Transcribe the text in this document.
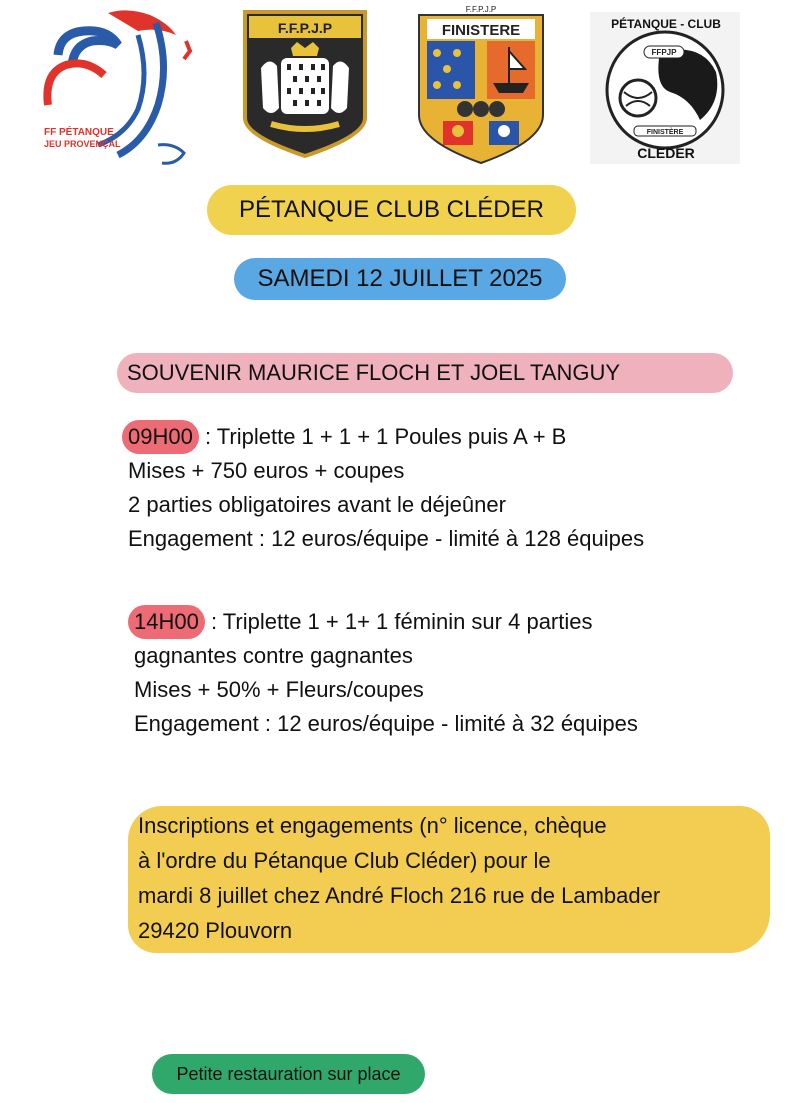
FF PÉTANQUE
JEU PROVENÇAL
F.F.P.J.P
F.F.P.J.P
FINISTERE
FFPJP
FINISTÈRE
PÉTANQUE - CLUB
CLEDER
PÉTANQUE CLUB CLÉDER
SAMEDI 12 JUILLET 2025
SOUVENIR MAURICE FLOCH ET JOEL TANGUY
09H00 : Triplette 1 + 1 + 1 Poules puis A + B
Mises + 750 euros + coupes
2 parties obligatoires avant le déjeûner
Engagement : 12 euros/équipe - limité à 128 équipes
14H00 : Triplette 1 + 1+ 1 féminin sur 4 parties
gagnantes contre gagnantes
Mises + 50% + Fleurs/coupes
Engagement : 12 euros/équipe - limité à 32 équipes
Inscriptions et engagements (n° licence, chèque
à l'ordre du Pétanque Club Cléder) pour le
mardi 8 juillet chez André Floch 216 rue de Lambader
29420 Plouvorn
Petite restauration sur place
